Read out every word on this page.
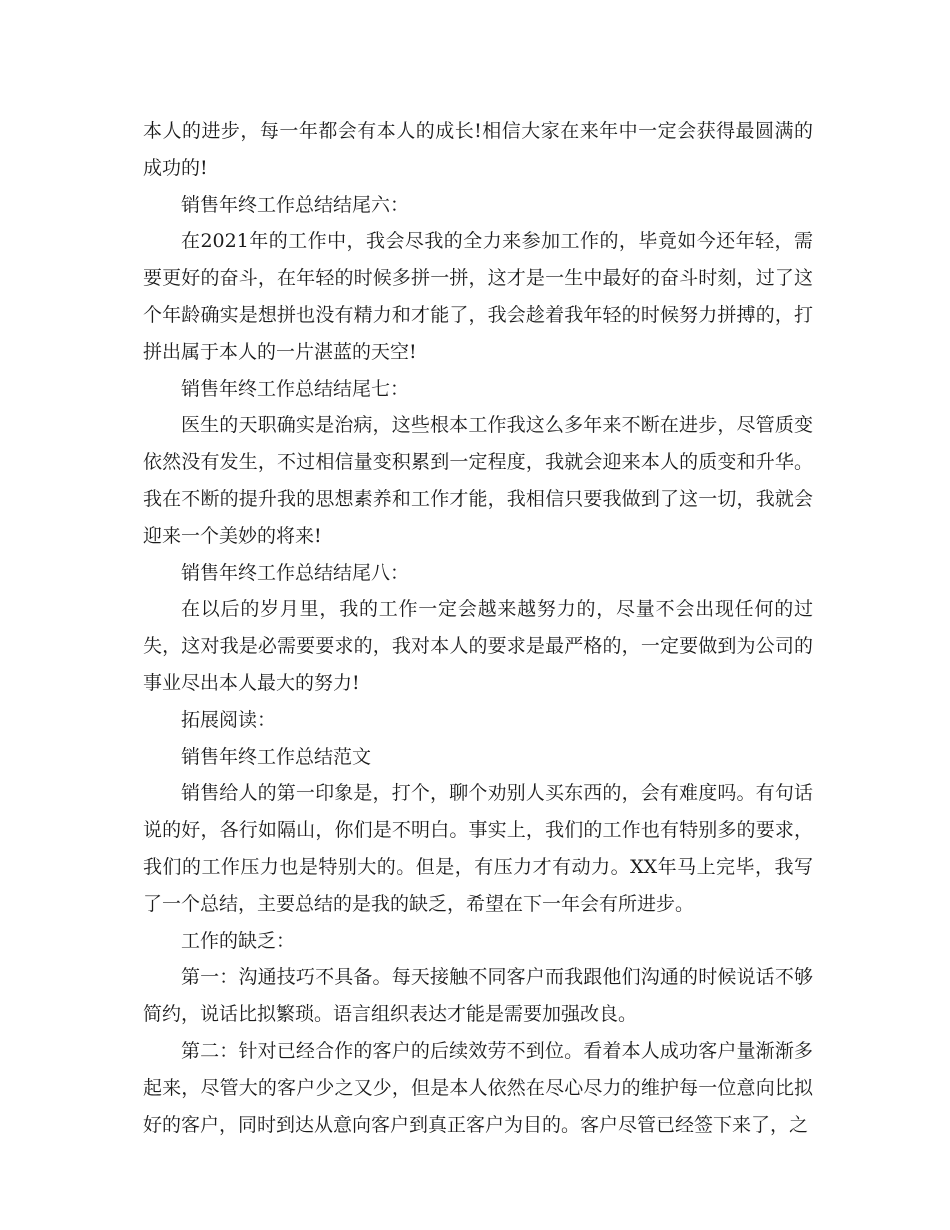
本人的进步，每一年都会有本人的成长!相信大家在来年中一定会获得最圆满的成功的!

销售年终工作总结结尾六：

在2021年的工作中，我会尽我的全力来参加工作的，毕竟如今还年轻，需要更好的奋斗，在年轻的时候多拼一拼，这才是一生中最好的奋斗时刻，过了这个年龄确实是想拼也没有精力和才能了，我会趁着我年轻的时候努力拼搏的，打拼出属于本人的一片湛蓝的天空!

销售年终工作总结结尾七：

医生的天职确实是治病，这些根本工作我这么多年来不断在进步，尽管质变依然没有发生，不过相信量变积累到一定程度，我就会迎来本人的质变和升华。我在不断的提升我的思想素养和工作才能，我相信只要我做到了这一切，我就会迎来一个美妙的将来!

销售年终工作总结结尾八：

在以后的岁月里，我的工作一定会越来越努力的，尽量不会出现任何的过失，这对我是必需要要求的，我对本人的要求是最严格的，一定要做到为公司的事业尽出本人最大的努力!

拓展阅读：

销售年终工作总结范文

销售给人的第一印象是，打个，聊个劝别人买东西的，会有难度吗。有句话说的好，各行如隔山，你们是不明白。事实上，我们的工作也有特别多的要求，我们的工作压力也是特别大的。但是，有压力才有动力。XX年马上完毕，我写了一个总结，主要总结的是我的缺乏，希望在下一年会有所进步。

工作的缺乏：

第一：沟通技巧不具备。每天接触不同客户而我跟他们沟通的时候说话不够简约，说话比拟繁琐。语言组织表达才能是需要加强改良。

第二：针对已经合作的客户的后续效劳不到位。看着本人成功客户量渐渐多起来，尽管大的客户少之又少，但是本人依然在尽心尽力的维护每一位意向比拟好的客户，同时到达从意向客户到真正客户为目的。客户尽管已经签下来了，之
